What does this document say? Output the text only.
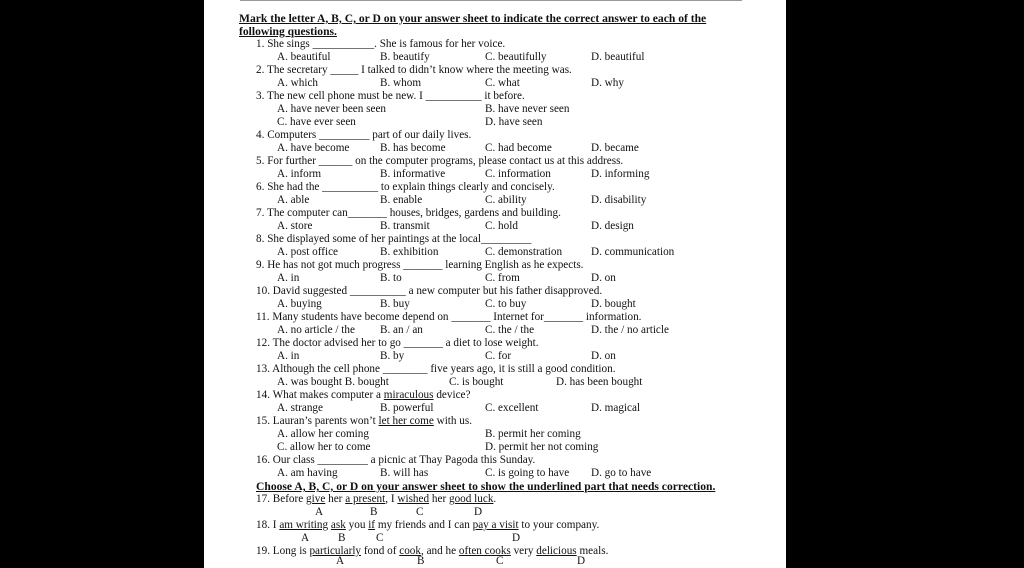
Mark the letter A, B, C, or D on your answer sheet to indicate the correct answer to each of the
following questions.
1. She sings ___________. She is famous for her voice.
A. beautiful	B. beautify	C. beautifully	D. beautiful
2. The secretary _____ I talked to didn’t know where the meeting was.
A. which	B. whom	C. what	D. why
3. The new cell phone must be new. I __________ it before.
A. have never been seen	B. have never seen
C. have ever seen	D. have seen
4. Computers _________ part of our daily lives.
A. have become	B. has become	C. had become	D. became
5. For further ______ on the computer programs, please contact us at this address.
A. inform	B. informative	C. information	D. informing
6. She had the __________ to explain things clearly and concisely.
A. able	B. enable	C. ability	D. disability
7. The computer can_______ houses, bridges, gardens and building.
A. store	B. transmit	C. hold	D. design
8. She displayed some of her paintings at the local_________
A. post office	B. exhibition	C. demonstration	D. communication
9. He has not got much progress _______ learning English as he expects.
A. in	B. to	C. from	D. on
10. David suggested __________ a new computer but his father disapproved.
A. buying	B. buy	C. to buy	D. bought
11. Many students have become depend on _______ Internet for_______ information.
A. no article / the B. an / an	C. the / the	D. the / no article
12. The doctor advised her to go _______ a diet to lose weight.
A. in	B. by	C. for	D. on
13. Although the cell phone ________ five years ago, it is still a good condition.
A. was bought B. bought	C. is bought	D. has been bought
14. What makes computer a miraculous device?
A. strange	B. powerful	C. excellent	D. magical
15. Lauran’s parents won’t let her come with us.
A. allow her coming	B. permit her coming
C. allow her to come	D. permit her not coming
16. Our class _________ a picnic at Thay Pagoda this Sunday.
A. am having	B. will has	C. is going to have D. go to have
Choose A, B, C, or D on your answer sheet to show the underlined part that needs correction.
17. Before give her a present, I wished her good luck.
A	B	C	D
18. I am writing ask you if my friends and I can pay a visit to your company.
A	B	C	D
19. Long is particularly fond of cook, and he often cooks very delicious meals.
A	B	C	D
